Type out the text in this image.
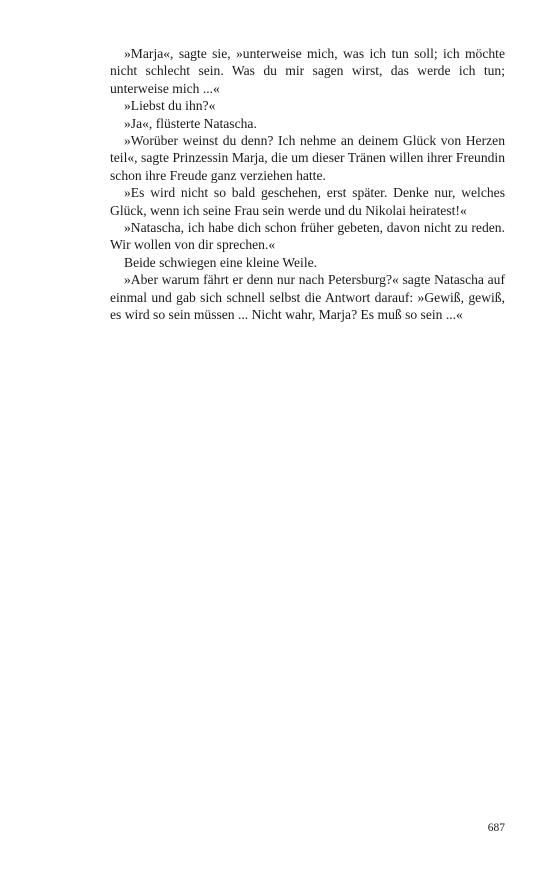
»Marja«, sagte sie, »unterweise mich, was ich tun soll; ich möchte nicht schlecht sein. Was du mir sagen wirst, das werde ich tun; unterweise mich ...«

»Liebst du ihn?«

»Ja«, flüsterte Natascha.

»Worüber weinst du denn? Ich nehme an deinem Glück von Herzen teil«, sagte Prinzessin Marja, die um dieser Tränen willen ihrer Freundin schon ihre Freude ganz verziehen hatte.

»Es wird nicht so bald geschehen, erst später. Denke nur, welches Glück, wenn ich seine Frau sein werde und du Nikolai heiratest!«

»Natascha, ich habe dich schon früher gebeten, davon nicht zu reden. Wir wollen von dir sprechen.«

Beide schwiegen eine kleine Weile.

»Aber warum fährt er denn nur nach Petersburg?« sagte Natascha auf einmal und gab sich schnell selbst die Antwort darauf: »Gewiß, gewiß, es wird so sein müssen ... Nicht wahr, Marja? Es muß so sein ...«

687
